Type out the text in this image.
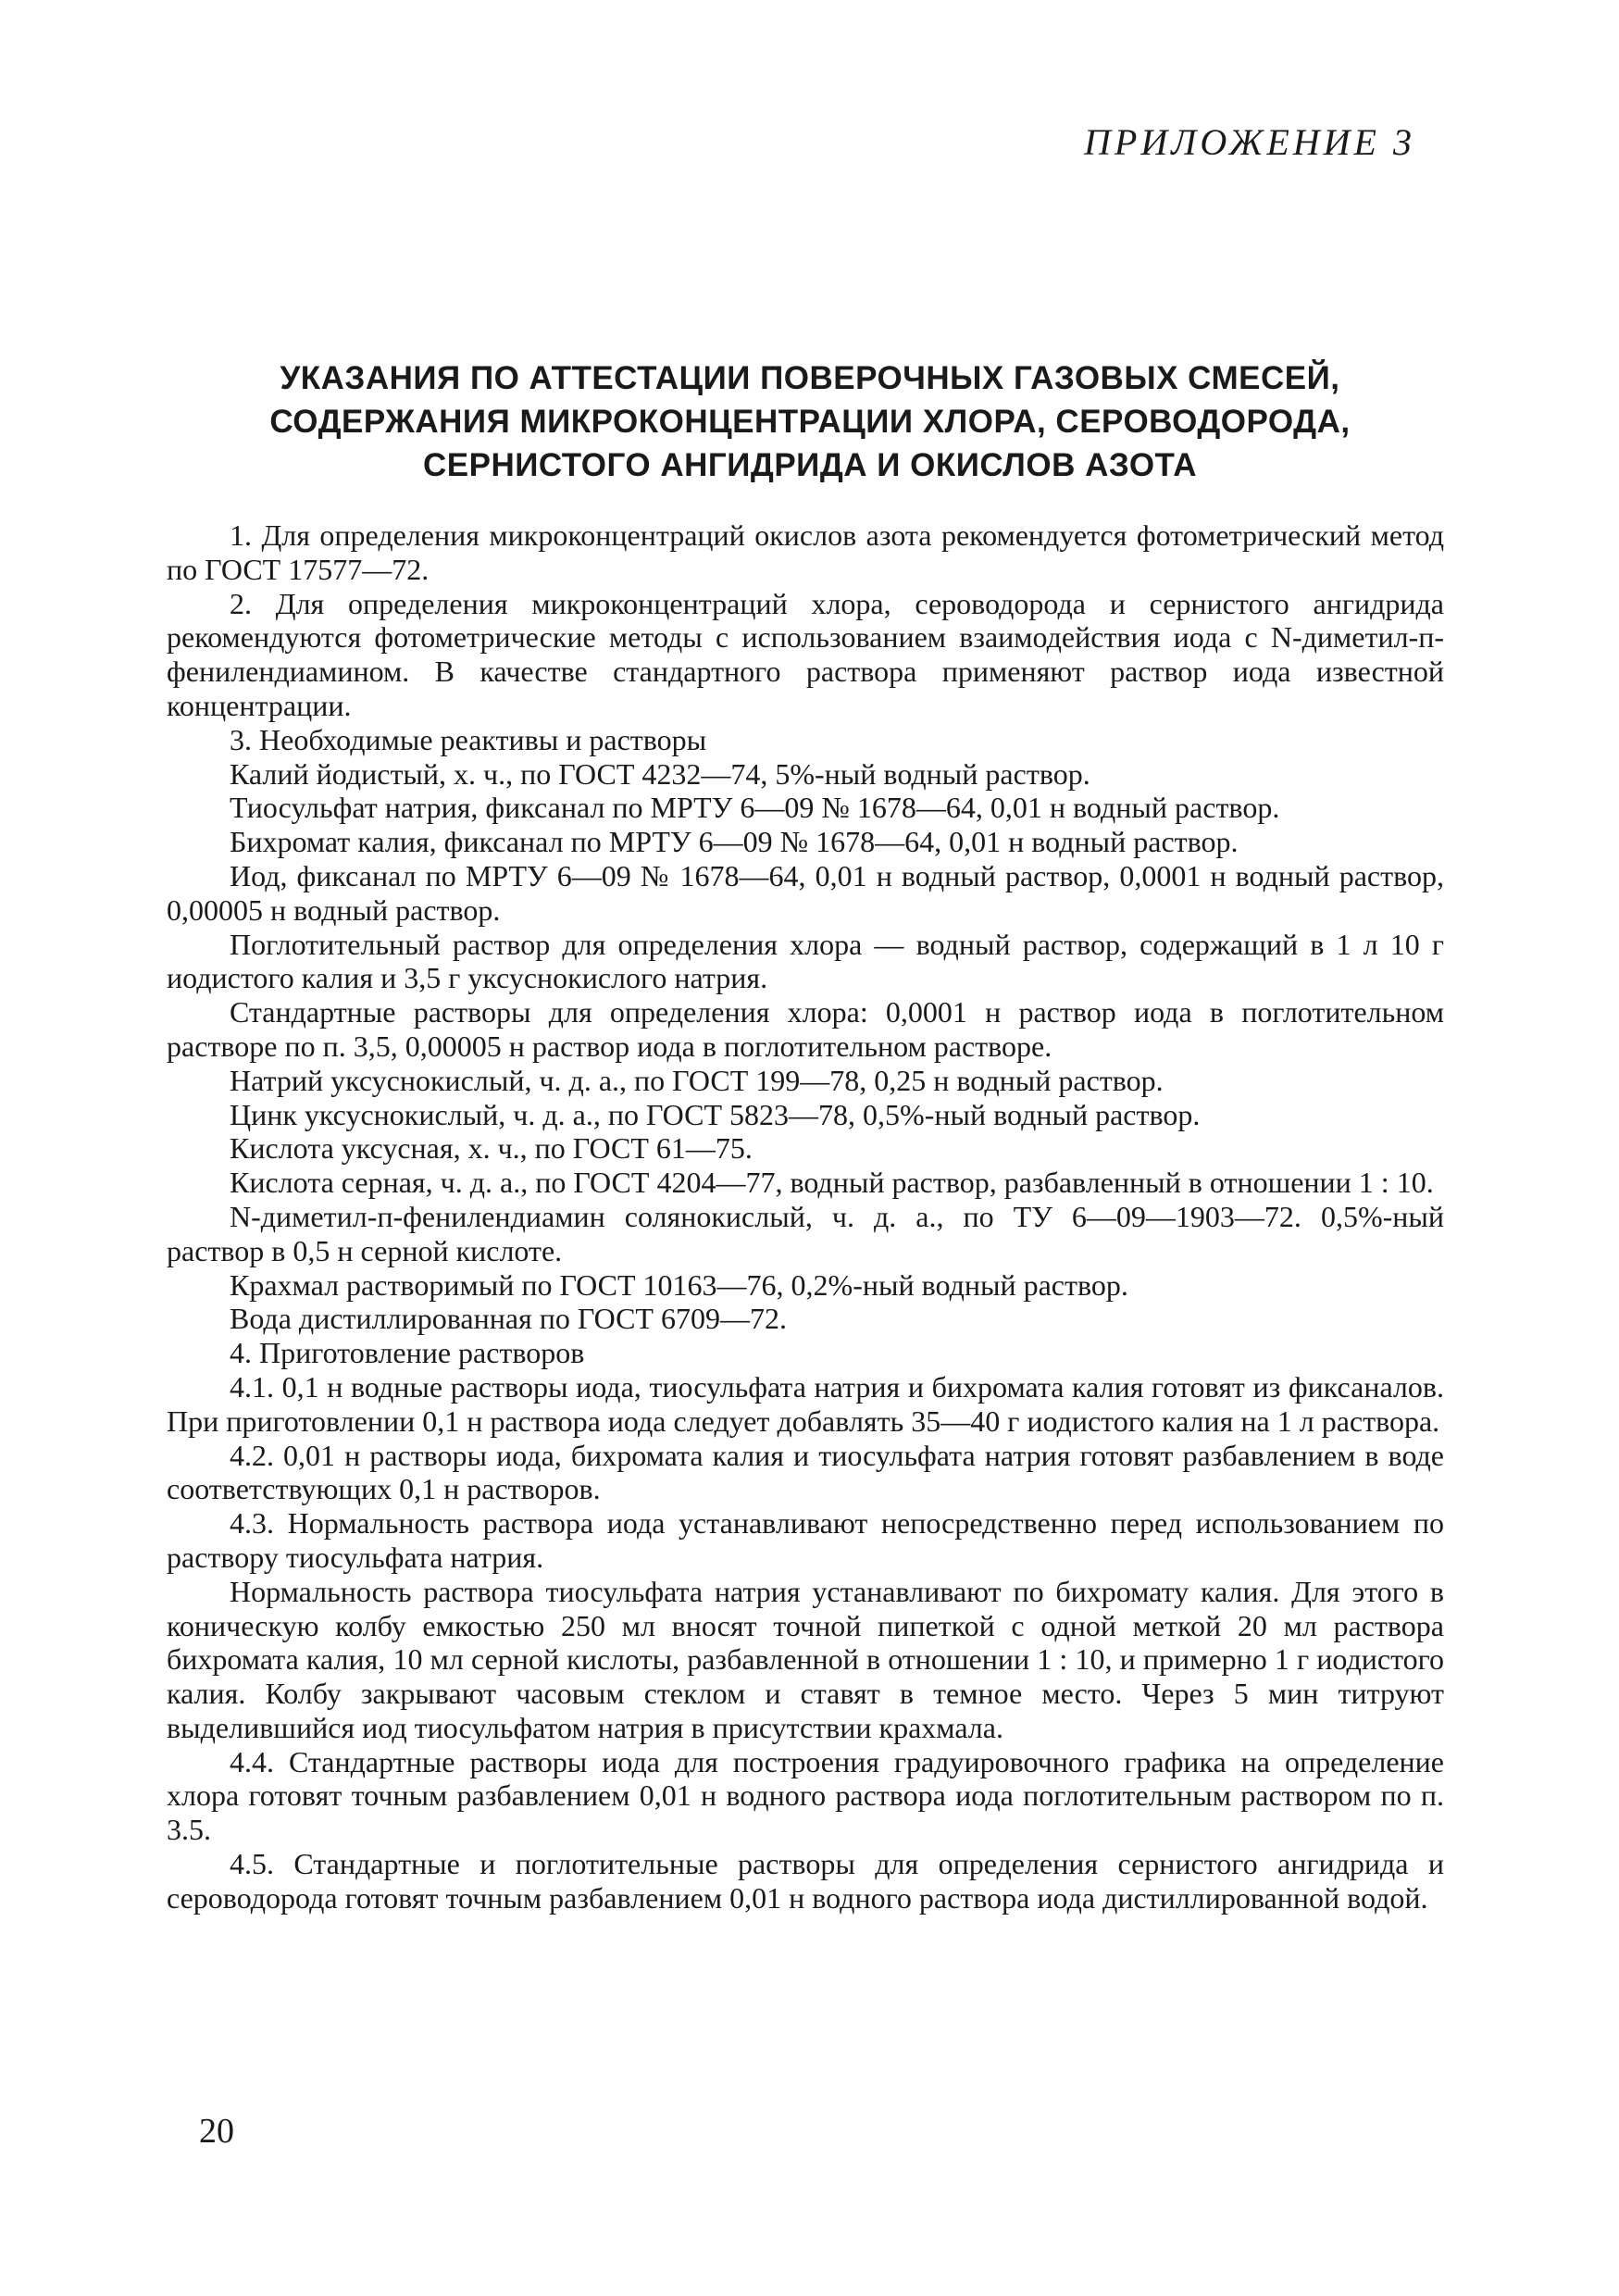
ПРИЛОЖЕНИЕ 3
УКАЗАНИЯ ПО АТТЕСТАЦИИ ПОВЕРОЧНЫХ ГАЗОВЫХ СМЕСЕЙ,
СОДЕРЖАНИЯ МИКРОКОНЦЕНТРАЦИИ ХЛОРА, СЕРОВОДОРОДА,
СЕРНИСТОГО АНГИДРИДА И ОКИСЛОВ АЗОТА

1. Для определения микроконцентраций окислов азота рекомендуется фотометрический метод по ГОСТ 17577—72.

2. Для определения микроконцентраций хлора, сероводорода и сернистого ангидрида рекомендуются фотометрические методы с использованием взаимодействия иода с N-диметил-п-фенилендиамином. В качестве стандартного раствора применяют раствор иода известной концентрации.

3. Необходимые реактивы и растворы

Калий йодистый, х. ч., по ГОСТ 4232—74, 5%-ный водный раствор.

Тиосульфат натрия, фиксанал по МРТУ 6—09 № 1678—64, 0,01 н водный раствор.

Бихромат калия, фиксанал по МРТУ 6—09 № 1678—64, 0,01 н водный раствор.

Иод, фиксанал по МРТУ 6—09 № 1678—64, 0,01 н водный раствор, 0,0001 н водный раствор, 0,00005 н водный раствор.

Поглотительный раствор для определения хлора — водный раствор, содержащий в 1 л 10 г иодистого калия и 3,5 г уксуснокислого натрия.

Стандартные растворы для определения хлора: 0,0001 н раствор иода в поглотительном растворе по п. 3,5, 0,00005 н раствор иода в поглотительном растворе.

Натрий уксуснокислый, ч. д. а., по ГОСТ 199—78, 0,25 н водный раствор.

Цинк уксуснокислый, ч. д. а., по ГОСТ 5823—78, 0,5%-ный водный раствор.

Кислота уксусная, х. ч., по ГОСТ 61—75.

Кислота серная, ч. д. а., по ГОСТ 4204—77, водный раствор, разбавленный в отношении 1 : 10.

N-диметил-п-фенилендиамин солянокислый, ч. д. а., по ТУ 6—09—1903—72. 0,5%-ный раствор в 0,5 н серной кислоте.

Крахмал растворимый по ГОСТ 10163—76, 0,2%-ный водный раствор.

Вода дистиллированная по ГОСТ 6709—72.

4. Приготовление растворов

4.1. 0,1 н водные растворы иода, тиосульфата натрия и бихромата калия готовят из фиксаналов. При приготовлении 0,1 н раствора иода следует добавлять 35—40 г иодистого калия на 1 л раствора.

4.2. 0,01 н растворы иода, бихромата калия и тиосульфата натрия готовят разбавлением в воде соответствующих 0,1 н растворов.

4.3. Нормальность раствора иода устанавливают непосредственно перед использованием по раствору тиосульфата натрия.

Нормальность раствора тиосульфата натрия устанавливают по бихромату калия. Для этого в коническую колбу емкостью 250 мл вносят точной пипеткой с одной меткой 20 мл раствора бихромата калия, 10 мл серной кислоты, разбавленной в отношении 1 : 10, и примерно 1 г иодистого калия. Колбу закрывают часовым стеклом и ставят в темное место. Через 5 мин титруют выделившийся иод тиосульфатом натрия в присутствии крахмала.

4.4. Стандартные растворы иода для построения градуировочного графика на определение хлора готовят точным разбавлением 0,01 н водного раствора иода поглотительным раствором по п. 3.5.

4.5. Стандартные и поглотительные растворы для определения сернистого ангидрида и сероводорода готовят точным разбавлением 0,01 н водного раствора иода дистиллированной водой.

20
